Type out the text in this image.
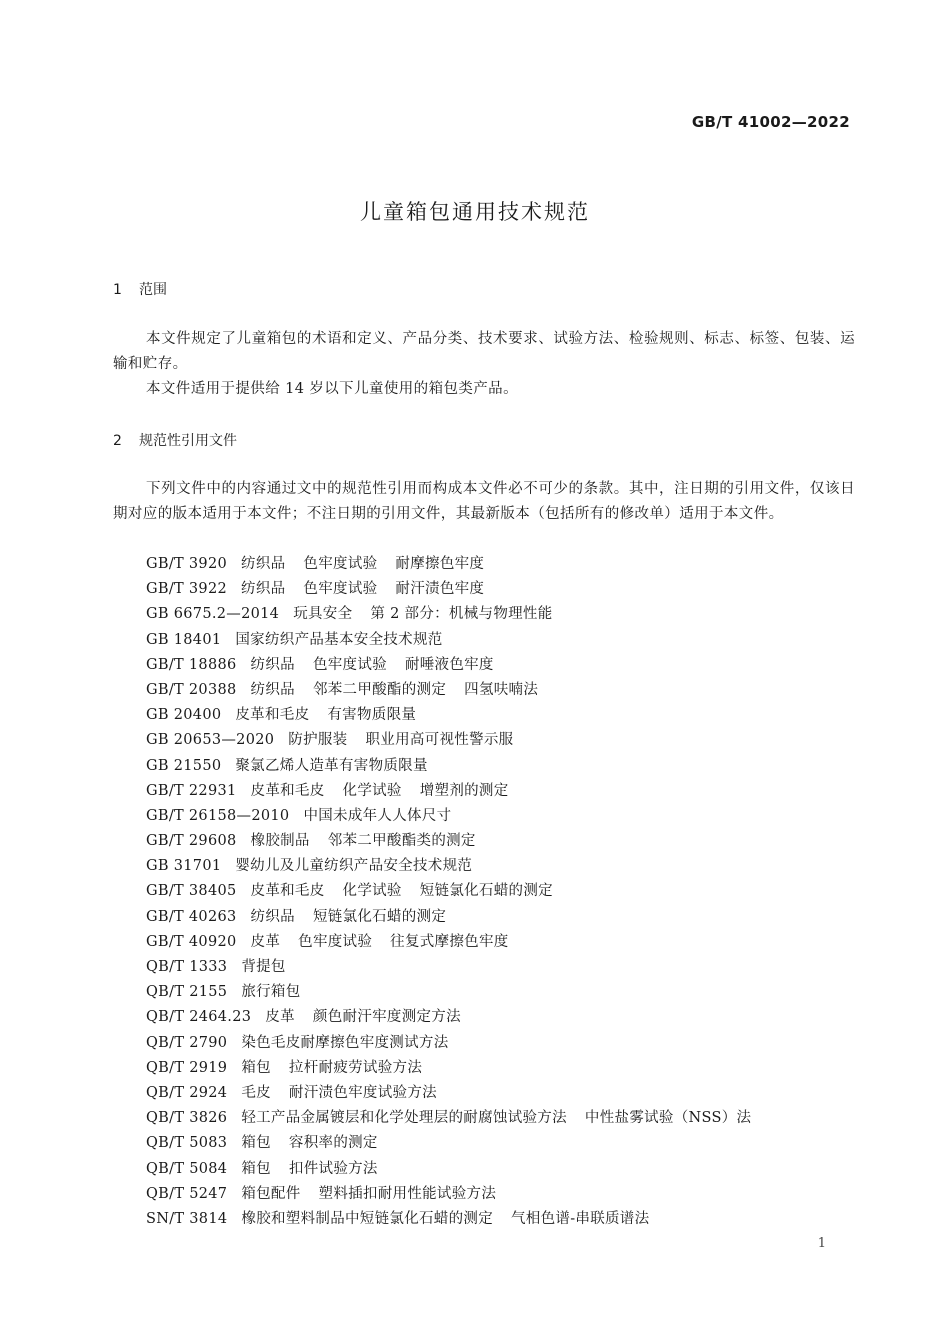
GB/T 41002—2022
儿童箱包通用技术规范
1 范围
本文件规定了儿童箱包的术语和定义、产品分类、技术要求、试验方法、检验规则、标志、标签、包装、运输和贮存。
本文件适用于提供给 14 岁以下儿童使用的箱包类产品。
2 规范性引用文件
下列文件中的内容通过文中的规范性引用而构成本文件必不可少的条款。其中，注日期的引用文件，仅该日期对应的版本适用于本文件；不注日期的引用文件，其最新版本（包括所有的修改单）适用于本文件。
GB/T 3920 纺织品 色牢度试验 耐摩擦色牢度
GB/T 3922 纺织品 色牢度试验 耐汗渍色牢度
GB 6675.2—2014 玩具安全 第 2 部分：机械与物理性能
GB 18401 国家纺织产品基本安全技术规范
GB/T 18886 纺织品 色牢度试验 耐唾液色牢度
GB/T 20388 纺织品 邻苯二甲酸酯的测定 四氢呋喃法
GB 20400 皮革和毛皮 有害物质限量
GB 20653—2020 防护服装 职业用高可视性警示服
GB 21550 聚氯乙烯人造革有害物质限量
GB/T 22931 皮革和毛皮 化学试验 增塑剂的测定
GB/T 26158—2010 中国未成年人人体尺寸
GB/T 29608 橡胶制品 邻苯二甲酸酯类的测定
GB 31701 婴幼儿及儿童纺织产品安全技术规范
GB/T 38405 皮革和毛皮 化学试验 短链氯化石蜡的测定
GB/T 40263 纺织品 短链氯化石蜡的测定
GB/T 40920 皮革 色牢度试验 往复式摩擦色牢度
QB/T 1333 背提包
QB/T 2155 旅行箱包
QB/T 2464.23 皮革 颜色耐汗牢度测定方法
QB/T 2790 染色毛皮耐摩擦色牢度测试方法
QB/T 2919 箱包 拉杆耐疲劳试验方法
QB/T 2924 毛皮 耐汗渍色牢度试验方法
QB/T 3826 轻工产品金属镀层和化学处理层的耐腐蚀试验方法 中性盐雾试验（NSS）法
QB/T 5083 箱包 容积率的测定
QB/T 5084 箱包 扣件试验方法
QB/T 5247 箱包配件 塑料插扣耐用性能试验方法
SN/T 3814 橡胶和塑料制品中短链氯化石蜡的测定 气相色谱-串联质谱法
1
